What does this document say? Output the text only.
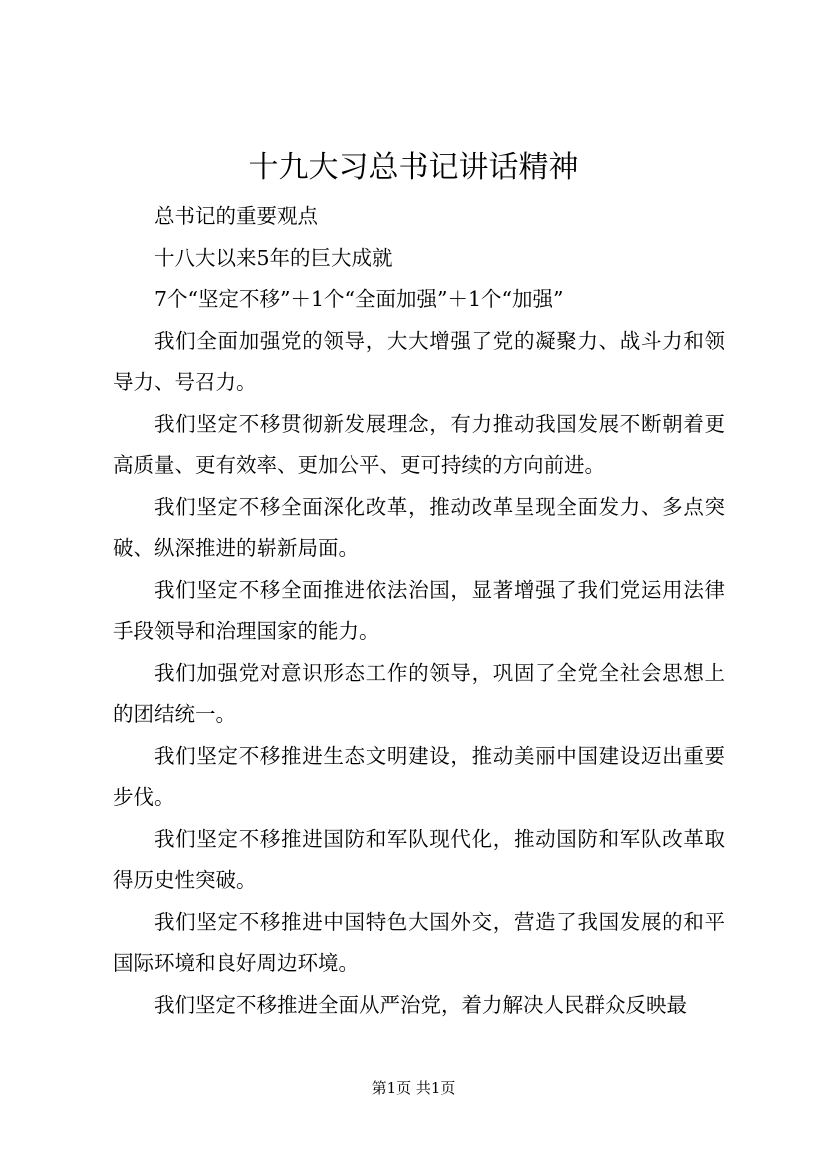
十九大习总书记讲话精神

总书记的重要观点

十八大以来5年的巨大成就

7个“坚定不移”＋1个“全面加强”＋1个“加强”

我们全面加强党的领导，大大增强了党的凝聚力、战斗力和领导力、号召力。

我们坚定不移贯彻新发展理念，有力推动我国发展不断朝着更高质量、更有效率、更加公平、更可持续的方向前进。

我们坚定不移全面深化改革，推动改革呈现全面发力、多点突破、纵深推进的崭新局面。

我们坚定不移全面推进依法治国，显著增强了我们党运用法律手段领导和治理国家的能力。

我们加强党对意识形态工作的领导，巩固了全党全社会思想上的团结统一。

我们坚定不移推进生态文明建设，推动美丽中国建设迈出重要步伐。

我们坚定不移推进国防和军队现代化，推动国防和军队改革取得历史性突破。

我们坚定不移推进中国特色大国外交，营造了我国发展的和平国际环境和良好周边环境。

我们坚定不移推进全面从严治党，着力解决人民群众反映最

第1页 共1页
